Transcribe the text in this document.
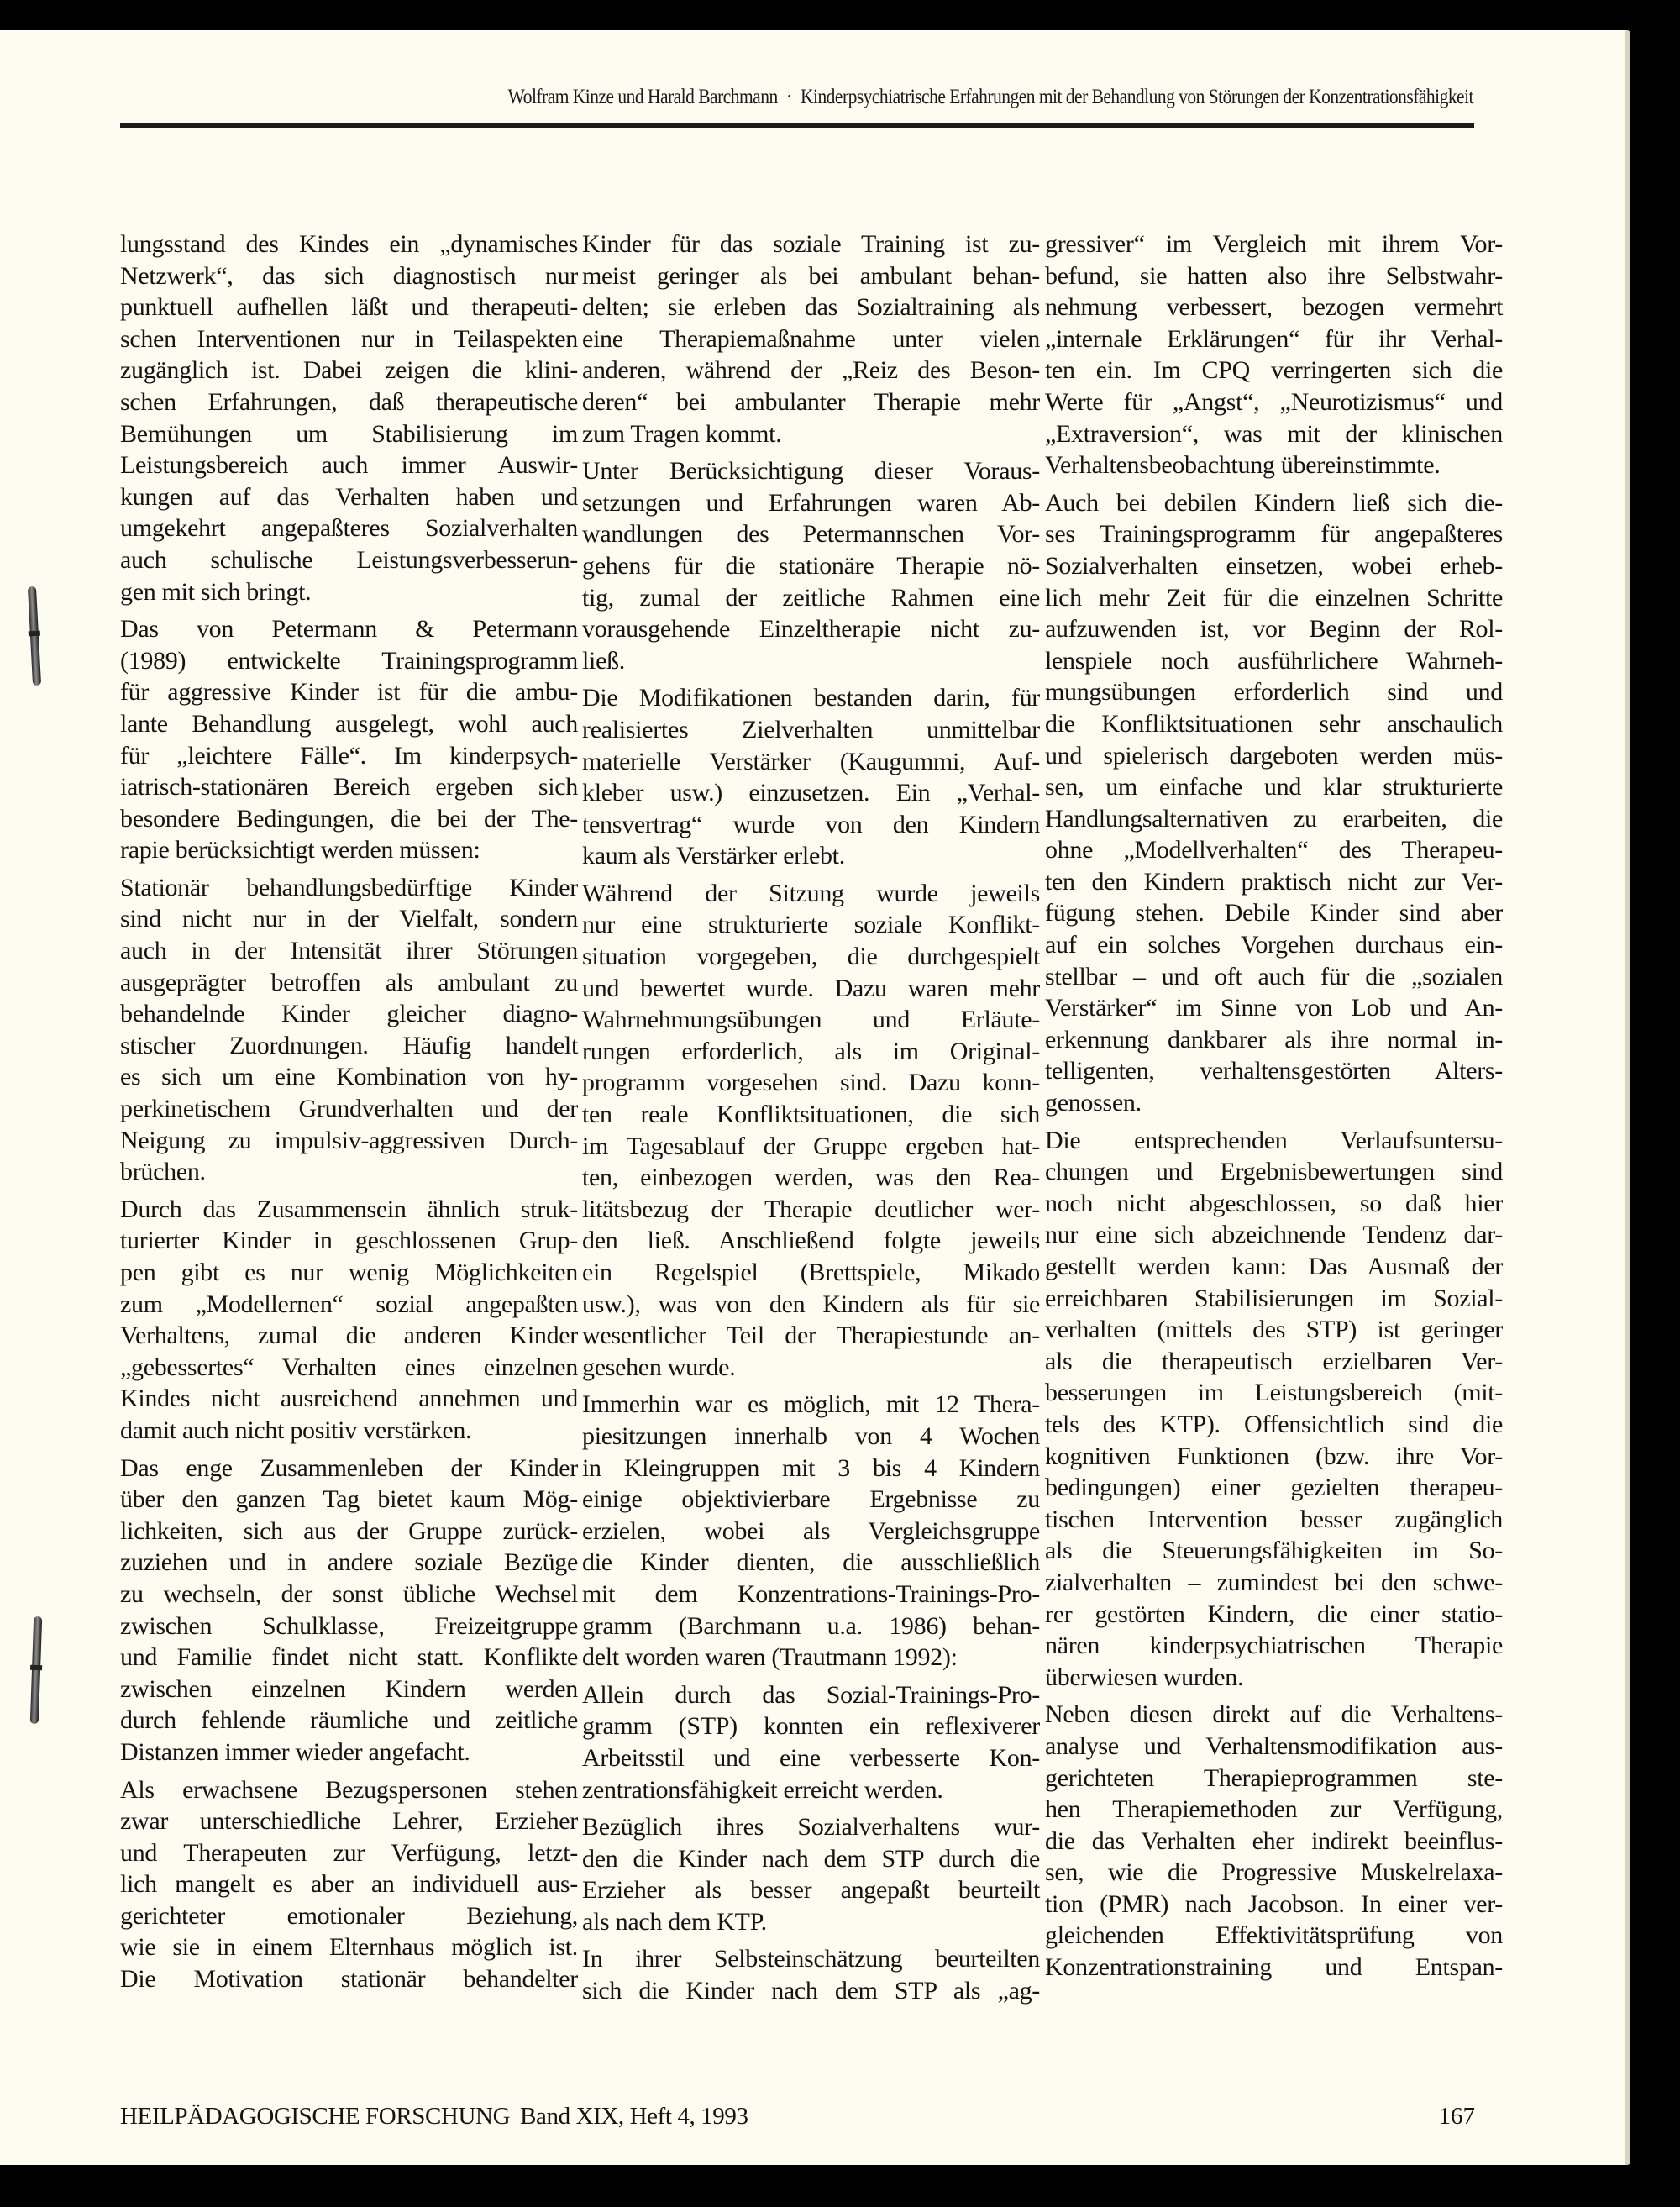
Wolfram Kinze und Harald Barchmann · Kinderpsychiatrische Erfahrungen mit der Behandlung von Störungen der Konzentrationsfähigkeit

lungsstand des Kindes ein „dynamisches
Netzwerk“, das sich diagnostisch nur
punktuell aufhellen läßt und therapeuti-
schen Interventionen nur in Teilaspekten
zugänglich ist. Dabei zeigen die klini-
schen Erfahrungen, daß therapeutische
Bemühungen um Stabilisierung im
Leistungsbereich auch immer Auswir-
kungen auf das Verhalten haben und
umgekehrt angepaßteres Sozialverhalten
auch schulische Leistungsverbesserun-
gen mit sich bringt.

Das von Petermann & Petermann
(1989) entwickelte Trainingsprogramm
für aggressive Kinder ist für die ambu-
lante Behandlung ausgelegt, wohl auch
für „leichtere Fälle“. Im kinderpsych-
iatrisch-stationären Bereich ergeben sich
besondere Bedingungen, die bei der The-
rapie berücksichtigt werden müssen:

Stationär behandlungsbedürftige Kinder
sind nicht nur in der Vielfalt, sondern
auch in der Intensität ihrer Störungen
ausgeprägter betroffen als ambulant zu
behandelnde Kinder gleicher diagno-
stischer Zuordnungen. Häufig handelt
es sich um eine Kombination von hy-
perkinetischem Grundverhalten und der
Neigung zu impulsiv-aggressiven Durch-
brüchen.

Durch das Zusammensein ähnlich struk-
turierter Kinder in geschlossenen Grup-
pen gibt es nur wenig Möglichkeiten
zum „Modellernen“ sozial angepaßten
Verhaltens, zumal die anderen Kinder
„gebessertes“ Verhalten eines einzelnen
Kindes nicht ausreichend annehmen und
damit auch nicht positiv verstärken.

Das enge Zusammenleben der Kinder
über den ganzen Tag bietet kaum Mög-
lichkeiten, sich aus der Gruppe zurück-
zuziehen und in andere soziale Bezüge
zu wechseln, der sonst übliche Wechsel
zwischen Schulklasse, Freizeitgruppe
und Familie findet nicht statt. Konflikte
zwischen einzelnen Kindern werden
durch fehlende räumliche und zeitliche
Distanzen immer wieder angefacht.

Als erwachsene Bezugspersonen stehen
zwar unterschiedliche Lehrer, Erzieher
und Therapeuten zur Verfügung, letzt-
lich mangelt es aber an individuell aus-
gerichteter emotionaler Beziehung,
wie sie in einem Elternhaus möglich ist.
Die Motivation stationär behandelter

Kinder für das soziale Training ist zu-
meist geringer als bei ambulant behan-
delten; sie erleben das Sozialtraining als
eine Therapiemaßnahme unter vielen
anderen, während der „Reiz des Beson-
deren“ bei ambulanter Therapie mehr
zum Tragen kommt.

Unter Berücksichtigung dieser Voraus-
setzungen und Erfahrungen waren Ab-
wandlungen des Petermannschen Vor-
gehens für die stationäre Therapie nö-
tig, zumal der zeitliche Rahmen eine
vorausgehende Einzeltherapie nicht zu-
ließ.

Die Modifikationen bestanden darin, für
realisiertes Zielverhalten unmittelbar
materielle Verstärker (Kaugummi, Auf-
kleber usw.) einzusetzen. Ein „Verhal-
tensvertrag“ wurde von den Kindern
kaum als Verstärker erlebt.

Während der Sitzung wurde jeweils
nur eine strukturierte soziale Konflikt-
situation vorgegeben, die durchgespielt
und bewertet wurde. Dazu waren mehr
Wahrnehmungsübungen und Erläute-
rungen erforderlich, als im Original-
programm vorgesehen sind. Dazu konn-
ten reale Konfliktsituationen, die sich
im Tagesablauf der Gruppe ergeben hat-
ten, einbezogen werden, was den Rea-
litätsbezug der Therapie deutlicher wer-
den ließ. Anschließend folgte jeweils
ein Regelspiel (Brettspiele, Mikado
usw.), was von den Kindern als für sie
wesentlicher Teil der Therapiestunde an-
gesehen wurde.

Immerhin war es möglich, mit 12 Thera-
piesitzungen innerhalb von 4 Wochen
in Kleingruppen mit 3 bis 4 Kindern
einige objektivierbare Ergebnisse zu
erzielen, wobei als Vergleichsgruppe
die Kinder dienten, die ausschließlich
mit dem Konzentrations-Trainings-Pro-
gramm (Barchmann u.a. 1986) behan-
delt worden waren (Trautmann 1992):

Allein durch das Sozial-Trainings-Pro-
gramm (STP) konnten ein reflexiverer
Arbeitsstil und eine verbesserte Kon-
zentrationsfähigkeit erreicht werden.

Bezüglich ihres Sozialverhaltens wur-
den die Kinder nach dem STP durch die
Erzieher als besser angepaßt beurteilt
als nach dem KTP.

In ihrer Selbsteinschätzung beurteilten
sich die Kinder nach dem STP als „ag-

gressiver“ im Vergleich mit ihrem Vor-
befund, sie hatten also ihre Selbstwahr-
nehmung verbessert, bezogen vermehrt
„internale Erklärungen“ für ihr Verhal-
ten ein. Im CPQ verringerten sich die
Werte für „Angst“, „Neurotizismus“ und
„Extraversion“, was mit der klinischen
Verhaltensbeobachtung übereinstimmte.

Auch bei debilen Kindern ließ sich die-
ses Trainingsprogramm für angepaßteres
Sozialverhalten einsetzen, wobei erheb-
lich mehr Zeit für die einzelnen Schritte
aufzuwenden ist, vor Beginn der Rol-
lenspiele noch ausführlichere Wahrneh-
mungsübungen erforderlich sind und
die Konfliktsituationen sehr anschaulich
und spielerisch dargeboten werden müs-
sen, um einfache und klar strukturierte
Handlungsalternativen zu erarbeiten, die
ohne „Modellverhalten“ des Therapeu-
ten den Kindern praktisch nicht zur Ver-
fügung stehen. Debile Kinder sind aber
auf ein solches Vorgehen durchaus ein-
stellbar – und oft auch für die „sozialen
Verstärker“ im Sinne von Lob und An-
erkennung dankbarer als ihre normal in-
telligenten, verhaltensgestörten Alters-
genossen.

Die entsprechenden Verlaufsuntersu-
chungen und Ergebnisbewertungen sind
noch nicht abgeschlossen, so daß hier
nur eine sich abzeichnende Tendenz dar-
gestellt werden kann: Das Ausmaß der
erreichbaren Stabilisierungen im Sozial-
verhalten (mittels des STP) ist geringer
als die therapeutisch erzielbaren Ver-
besserungen im Leistungsbereich (mit-
tels des KTP). Offensichtlich sind die
kognitiven Funktionen (bzw. ihre Vor-
bedingungen) einer gezielten therapeu-
tischen Intervention besser zugänglich
als die Steuerungsfähigkeiten im So-
zialverhalten – zumindest bei den schwe-
rer gestörten Kindern, die einer statio-
nären kinderpsychiatrischen Therapie
überwiesen wurden.

Neben diesen direkt auf die Verhaltens-
analyse und Verhaltensmodifikation aus-
gerichteten Therapieprogrammen ste-
hen Therapiemethoden zur Verfügung,
die das Verhalten eher indirekt beeinflus-
sen, wie die Progressive Muskelrelaxa-
tion (PMR) nach Jacobson. In einer ver-
gleichenden Effektivitätsprüfung von
Konzentrationstraining und Entspan-

HEILPÄDAGOGISCHE FORSCHUNG Band XIX, Heft 4, 1993	167
